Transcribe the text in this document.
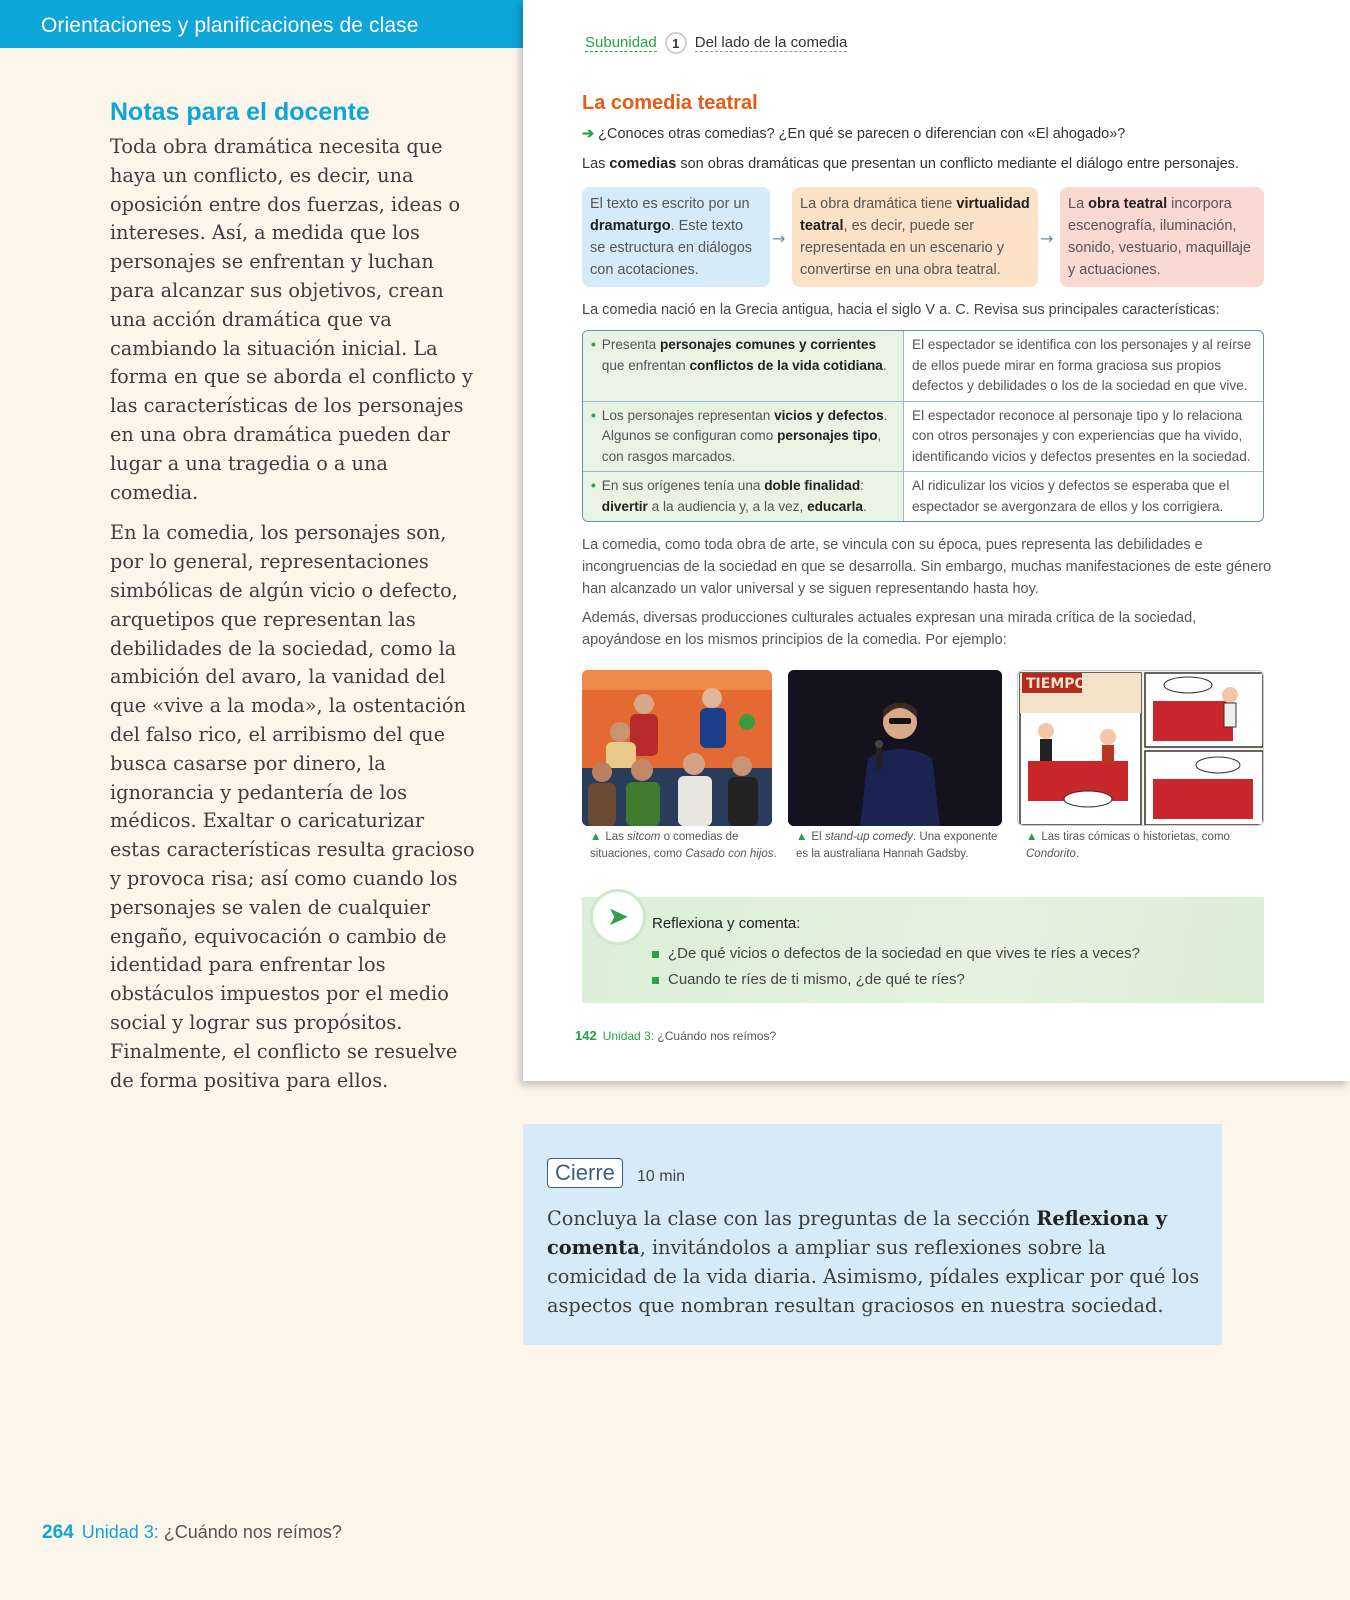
Orientaciones y planificaciones de clase
Notas para el docente

Toda obra dramática necesita que haya un conflicto, es decir, una oposición entre dos fuerzas, ideas o intereses. Así, a medida que los personajes se enfrentan y luchan para alcanzar sus objetivos, crean una acción dramática que va cambiando la situación inicial. La forma en que se aborda el conflicto y las características de los personajes en una obra dramática pueden dar lugar a una tragedia o a una comedia.

En la comedia, los personajes son, por lo general, representaciones simbólicas de algún vicio o defecto, arquetipos que representan las debilidades de la sociedad, como la ambición del avaro, la vanidad del que «vive a la moda», la ostentación del falso rico, el arribismo del que busca casarse por dinero, la ignorancia y pedantería de los médicos. Exaltar o caricaturizar estas características resulta gracioso y provoca risa; así como cuando los personajes se valen de cualquier engaño, equivocación o cambio de identidad para enfrentar los obstáculos impuestos por el medio social y lograr sus propósitos. Finalmente, el conflicto se resuelve de forma positiva para ellos.

Subunidad	1	Del lado de la comedia
La comedia teatral
➔ ¿Conoces otras comedias? ¿En qué se parecen o diferencian con «El ahogado»?
Las comedias son obras dramáticas que presentan un conflicto mediante el diálogo entre personajes.
El texto es escrito por un dramaturgo. Este texto se estructura en diálogos con acotaciones.
→
La obra dramática tiene virtualidad teatral, es decir, puede ser representada en un escenario y convertirse en una obra teatral.
→
La obra teatral incorpora escenografía, iluminación, sonido, vestuario, maquillaje y actuaciones.
La comedia nació en la Grecia antigua, hacia el siglo V a. C. Revisa sus principales características:
• Presenta personajes comunes y corrientes que enfrentan conflictos de la vida cotidiana.
El espectador se identifica con los personajes y al reírse de ellos puede mirar en forma graciosa sus propios defectos y debilidades o los de la sociedad en que vive.
• Los personajes representan vicios y defectos. Algunos se configuran como personajes tipo, con rasgos marcados.
El espectador reconoce al personaje tipo y lo relaciona con otros personajes y con experiencias que ha vivido, identificando vicios y defectos presentes en la sociedad.
• En sus orígenes tenía una doble finalidad: divertir a la audiencia y, a la vez, educarla.
Al ridiculizar los vicios y defectos se esperaba que el espectador se avergonzara de ellos y los corrigiera.
La comedia, como toda obra de arte, se vincula con su época, pues representa las debilidades e incongruencias de la sociedad en que se desarrolla. Sin embargo, muchas manifestaciones de este género han alcanzado un valor universal y se siguen representando hasta hoy.
Además, diversas producciones culturales actuales expresan una mirada crítica de la sociedad, apoyándose en los mismos principios de la comedia. Por ejemplo:
TIEMPO
▲ Las sitcom o comedias de situaciones, como Casado con hijos.
▲ El stand-up comedy. Una exponente es la australiana Hannah Gadsby.
▲ Las tiras cómicas o historietas, como Condorito.
➤ Reflexiona y comenta:
¿De qué vicios o defectos de la sociedad en que vives te ríes a veces?
Cuando te ríes de ti mismo, ¿de qué te ríes?
142 Unidad 3: ¿Cuándo nos reímos?
Cierre	10 min

Concluya la clase con las preguntas de la sección Reflexiona y comenta, invitándolos a ampliar sus reflexiones sobre la comicidad de la vida diaria. Asimismo, pídales explicar por qué los aspectos que nombran resultan graciosos en nuestra sociedad.

264 Unidad 3: ¿Cuándo nos reímos?
